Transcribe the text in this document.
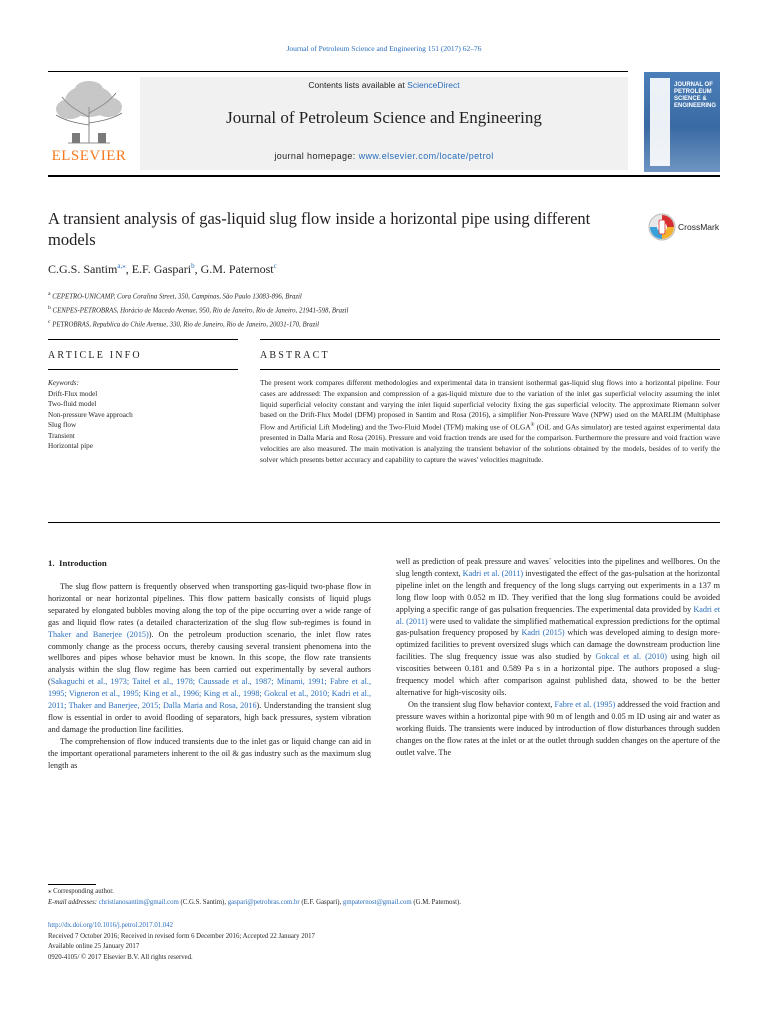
Journal of Petroleum Science and Engineering 151 (2017) 62–76
ELSEVIER
Contents lists available at ScienceDirect
Journal of Petroleum Science and Engineering
journal homepage: www.elsevier.com/locate/petrol
JOURNAL OF PETROLEUM SCIENCE & ENGINEERING
A transient analysis of gas-liquid slug flow inside a horizontal pipe using different models
CrossMark
C.G.S. Santim$^{a,⁎}$, E.F. Gaspari$^b$, G.M. Paternost$^c$
$^a$ CEPETRO-UNICAMP, Cora Coralina Street, 350, Campinas, São Paulo 13083-896, Brazil
$^b$ CENPES-PETROBRAS, Horácio de Macedo Avenue, 950, Rio de Janeiro, Rio de Janeiro, 21941-598, Brazil
$^c$ PETROBRAS, Republica do Chile Avenue, 330, Rio de Janeiro, Rio de Janeiro, 20031-170, Brazil
ARTICLE INFO	ABSTRACT
Keywords:
Drift-Flux model
Two-fluid model
Non-pressure Wave approach
Slug flow
Transient
Horizontal pipe
The present work compares different methodologies and experimental data in transient isothermal gas-liquid slug flows into a horizontal pipeline. Four cases are addressed: The expansion and compression of a gas-liquid mixture due to the variation of the inlet gas superficial velocity assuming the inlet liquid superficial velocity constant and varying the inlet liquid superficial velocity fixing the gas superficial velocity. The approximate Riemann solver based on the Drift-Flux Model (DFM) proposed in Santim and Rosa (2016), a simplifier Non-Pressure Wave (NPW) used on the MARLIM (Multiphase Flow and Artificial Lift Modeling) and the Two-Fluid Model (TFM) making use of OLGA® (OiL and GAs simulator) are tested against experimental data presented in Dalla Maria and Rosa (2016). Pressure and void fraction trends are used for the comparison. Furthermore the pressure and void fraction wave velocities are also measured. The main motivation is analyzing the transient behavior of the solutions obtained by the models, besides of to verify the solver which presents better accuracy and capability to capture the waves' velocities magnitude.
1. Introduction

The slug flow pattern is frequently observed when transporting gas-liquid two-phase flow in horizontal or near horizontal pipelines. This flow pattern basically consists of liquid plugs separated by elongated bubbles moving along the top of the pipe occurring over a wide range of gas and liquid flow rates (a detailed characterization of the slug flow sub-regimes is found in Thaker and Banerjee (2015)). On the petroleum production scenario, the inlet flow rates commonly change as the process occurs, thereby causing several transient phenomena into the wellbores and pipes whose behavior must be known. In this scope, the flow rate transients analysis within the slug flow regime has been carried out experimentally by several authors (Sakaguchi et al., 1973; Taitel et al., 1978; Caussade et al., 1987; Minami, 1991; Fabre et al., 1995; Vigneron et al., 1995; King et al., 1996; King et al., 1998; Gokcal et al., 2010; Kadri et al., 2011; Thaker and Banerjee, 2015; Dalla Maria and Rosa, 2016). Understanding the transient slug flow is essential in order to avoid flooding of separators, high back pressures, system vibration and damage the production line facilities.

The comprehension of flow induced transients due to the inlet gas or liquid change can aid in the important operational parameters inherent to the oil & gas industry such as the maximum slug length as

well as prediction of peak pressure and waves´ velocities into the pipelines and wellbores. On the slug length context, Kadri et al. (2011) investigated the effect of the gas-pulsation at the horizontal pipeline inlet on the length and frequency of the long slugs carrying out experiments in a 137 m long flow loop with 0.052 m ID. They verified that the long slug formations could be avoided applying a specific range of gas pulsation frequencies. The experimental data provided by Kadri et al. (2011) were used to validate the simplified mathematical expression predictions for the optimal gas-pulsation frequency proposed by Kadri (2015) which was developed aiming to design more-optimized facilities to prevent oversized slugs which can damage the downstream production line facilities. The slug frequency issue was also studied by Gokcal et al. (2010) using high oil viscosities between 0.181 and 0.589 Pa s in a horizontal pipe. The authors proposed a slug-frequency model which after comparison against published data, showed to be the better alternative for high-viscosity oils.

On the transient slug flow behavior context, Fabre et al. (1995) addressed the void fraction and pressure waves within a horizontal pipe with 90 m of length and 0.05 m ID using air and water as working fluids. The transients were induced by introduction of flow disturbances through sudden changes on the flow rates at the inlet or at the outlet through sudden changes on the aperture of the outlet valve. The

⁎ Corresponding author.
E-mail addresses: christianosantim@gmail.com (C.G.S. Santim), gaspari@petrobras.com.br (E.F. Gaspari), gmpaternost@gmail.com (G.M. Paternost).
http://dx.doi.org/10.1016/j.petrol.2017.01.042
Received 7 October 2016; Received in revised form 6 December 2016; Accepted 22 January 2017
Available online 25 January 2017
0920-4105/ © 2017 Elsevier B.V. All rights reserved.
